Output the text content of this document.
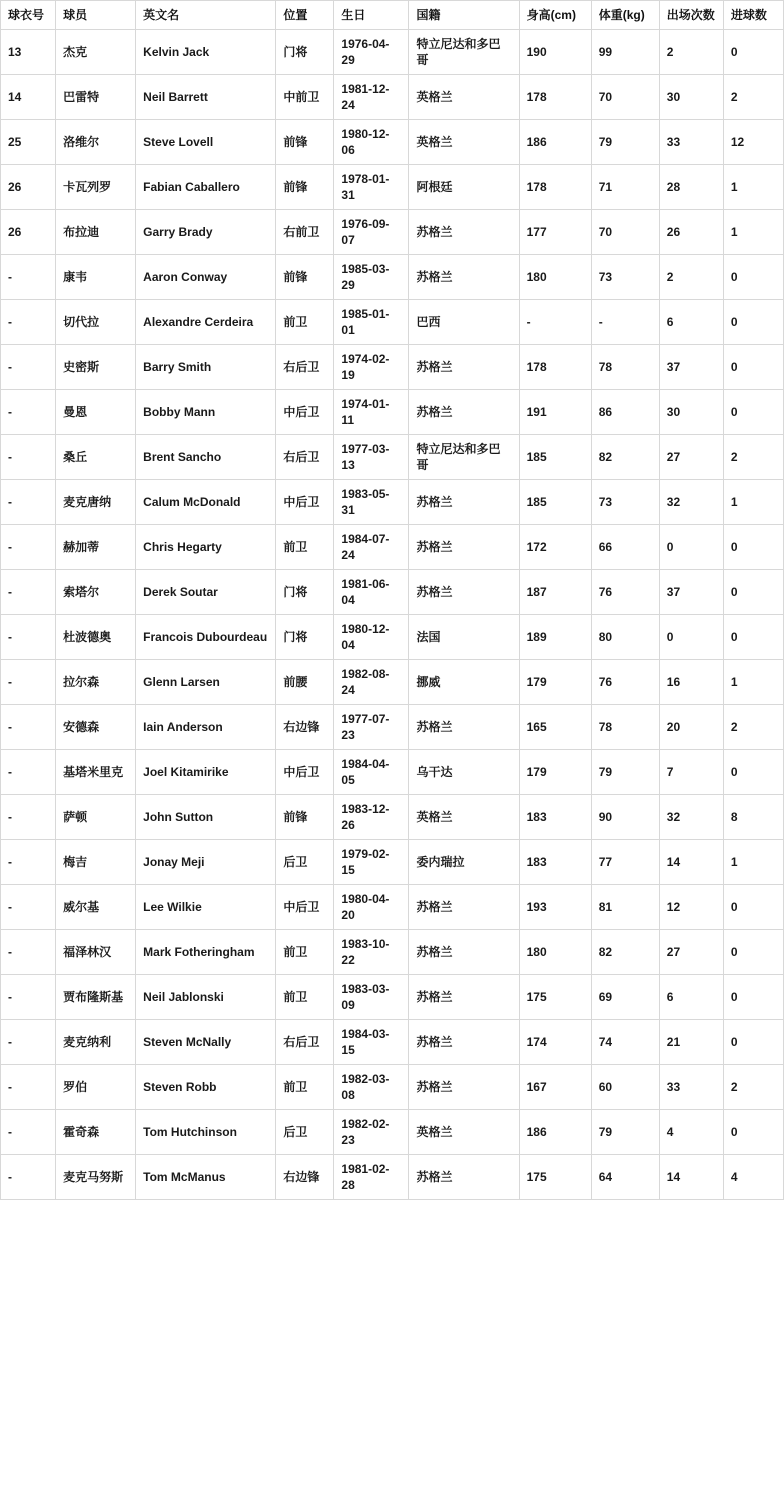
球衣号	球员	英文名	位置	生日	国籍	身高(cm)	体重(kg)	出场次数	进球数
13	杰克	Kelvin Jack	门将	1976-04-29	特立尼达和多巴哥	190	99	2	0
14	巴雷特	Neil Barrett	中前卫	1981-12-24	英格兰	178	70	30	2
25	洛维尔	Steve Lovell	前锋	1980-12-06	英格兰	186	79	33	12
26	卡瓦列罗	Fabian Caballero	前锋	1978-01-31	阿根廷	178	71	28	1
26	布拉迪	Garry Brady	右前卫	1976-09-07	苏格兰	177	70	26	1
-	康韦	Aaron Conway	前锋	1985-03-29	苏格兰	180	73	2	0
-	切代拉	Alexandre Cerdeira	前卫	1985-01-01	巴西	-	-	6	0
-	史密斯	Barry Smith	右后卫	1974-02-19	苏格兰	178	78	37	0
-	曼恩	Bobby Mann	中后卫	1974-01-11	苏格兰	191	86	30	0
-	桑丘	Brent Sancho	右后卫	1977-03-13	特立尼达和多巴哥	185	82	27	2
-	麦克唐纳	Calum McDonald	中后卫	1983-05-31	苏格兰	185	73	32	1
-	赫加蒂	Chris Hegarty	前卫	1984-07-24	苏格兰	172	66	0	0
-	索塔尔	Derek Soutar	门将	1981-06-04	苏格兰	187	76	37	0
-	杜波德奥	Francois Dubourdeau	门将	1980-12-04	法国	189	80	0	0
-	拉尔森	Glenn Larsen	前腰	1982-08-24	挪威	179	76	16	1
-	安德森	Iain Anderson	右边锋	1977-07-23	苏格兰	165	78	20	2
-	基塔米里克	Joel Kitamirike	中后卫	1984-04-05	乌干达	179	79	7	0
-	萨顿	John Sutton	前锋	1983-12-26	英格兰	183	90	32	8
-	梅吉	Jonay Meji	后卫	1979-02-15	委内瑞拉	183	77	14	1
-	威尔基	Lee Wilkie	中后卫	1980-04-20	苏格兰	193	81	12	0
-	福泽林汉	Mark Fotheringham	前卫	1983-10-22	苏格兰	180	82	27	0
-	贾布隆斯基	Neil Jablonski	前卫	1983-03-09	苏格兰	175	69	6	0
-	麦克纳利	Steven McNally	右后卫	1984-03-15	苏格兰	174	74	21	0
-	罗伯	Steven Robb	前卫	1982-03-08	苏格兰	167	60	33	2
-	霍奇森	Tom Hutchinson	后卫	1982-02-23	英格兰	186	79	4	0
-	麦克马努斯	Tom McManus	右边锋	1981-02-28	苏格兰	175	64	14	4
